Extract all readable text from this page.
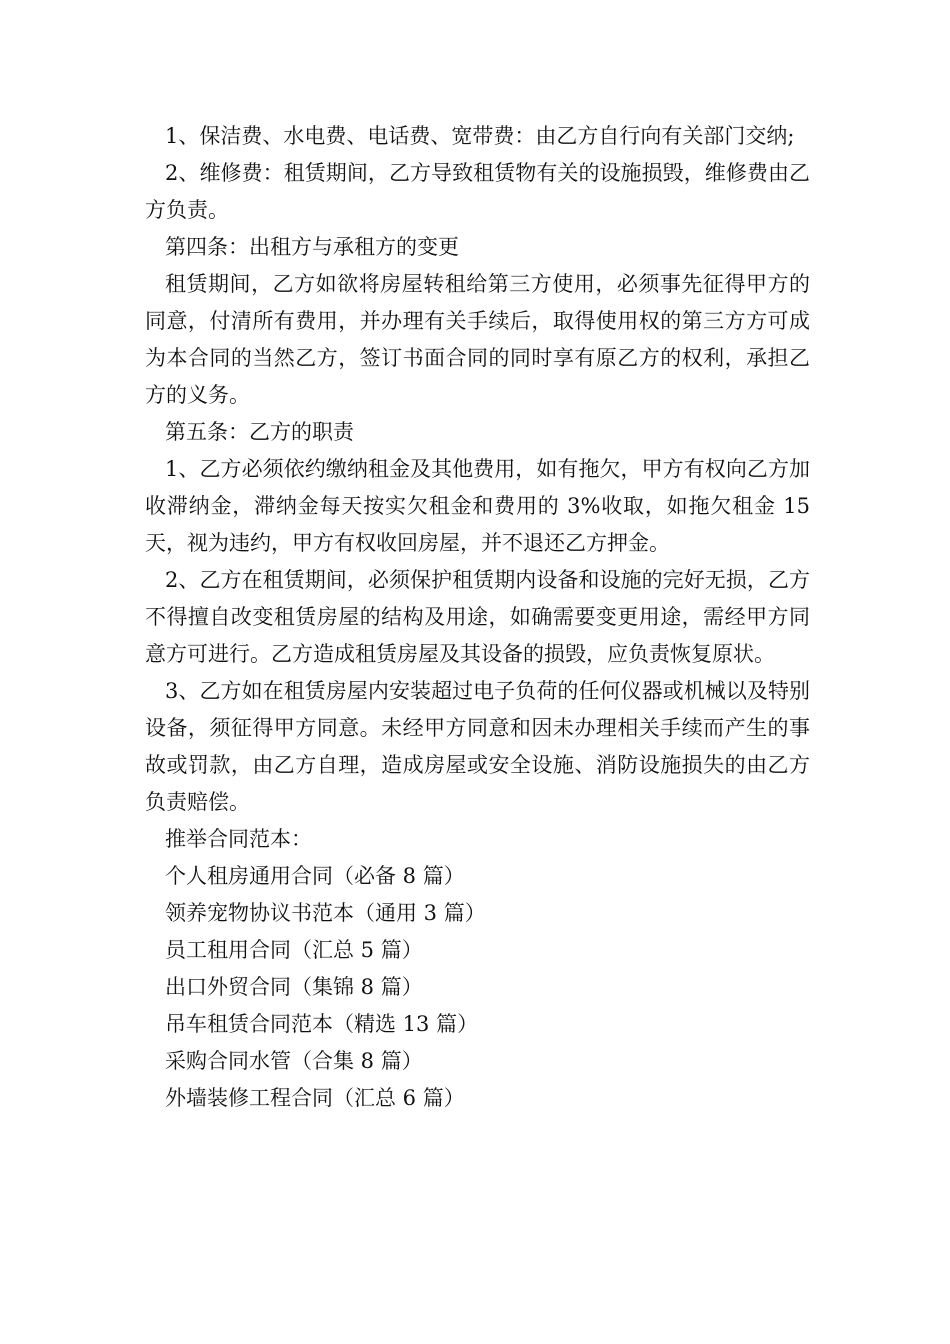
1、保洁费、水电费、电话费、宽带费：由乙方自行向有关部门交纳;

2、维修费：租赁期间，乙方导致租赁物有关的设施损毁，维修费由乙方负责。

第四条：出租方与承租方的变更

租赁期间，乙方如欲将房屋转租给第三方使用，必须事先征得甲方的同意，付清所有费用，并办理有关手续后，取得使用权的第三方方可成为本合同的当然乙方，签订书面合同的同时享有原乙方的权利，承担乙方的义务。

第五条：乙方的职责

1、乙方必须依约缴纳租金及其他费用，如有拖欠，甲方有权向乙方加收滞纳金，滞纳金每天按实欠租金和费用的 3%收取，如拖欠租金 15 天，视为违约，甲方有权收回房屋，并不退还乙方押金。

2、乙方在租赁期间，必须保护租赁期内设备和设施的完好无损，乙方不得擅自改变租赁房屋的结构及用途，如确需要变更用途，需经甲方同意方可进行。乙方造成租赁房屋及其设备的损毁，应负责恢复原状。

3、乙方如在租赁房屋内安装超过电子负荷的任何仪器或机械以及特别设备，须征得甲方同意。未经甲方同意和因未办理相关手续而产生的事故或罚款，由乙方自理，造成房屋或安全设施、消防设施损失的由乙方负责赔偿。

推举合同范本：

个人租房通用合同（必备 8 篇）

领养宠物协议书范本（通用 3 篇）

员工租用合同（汇总 5 篇）

出口外贸合同（集锦 8 篇）

吊车租赁合同范本（精选 13 篇）

采购合同水管（合集 8 篇）

外墙装修工程合同（汇总 6 篇）
